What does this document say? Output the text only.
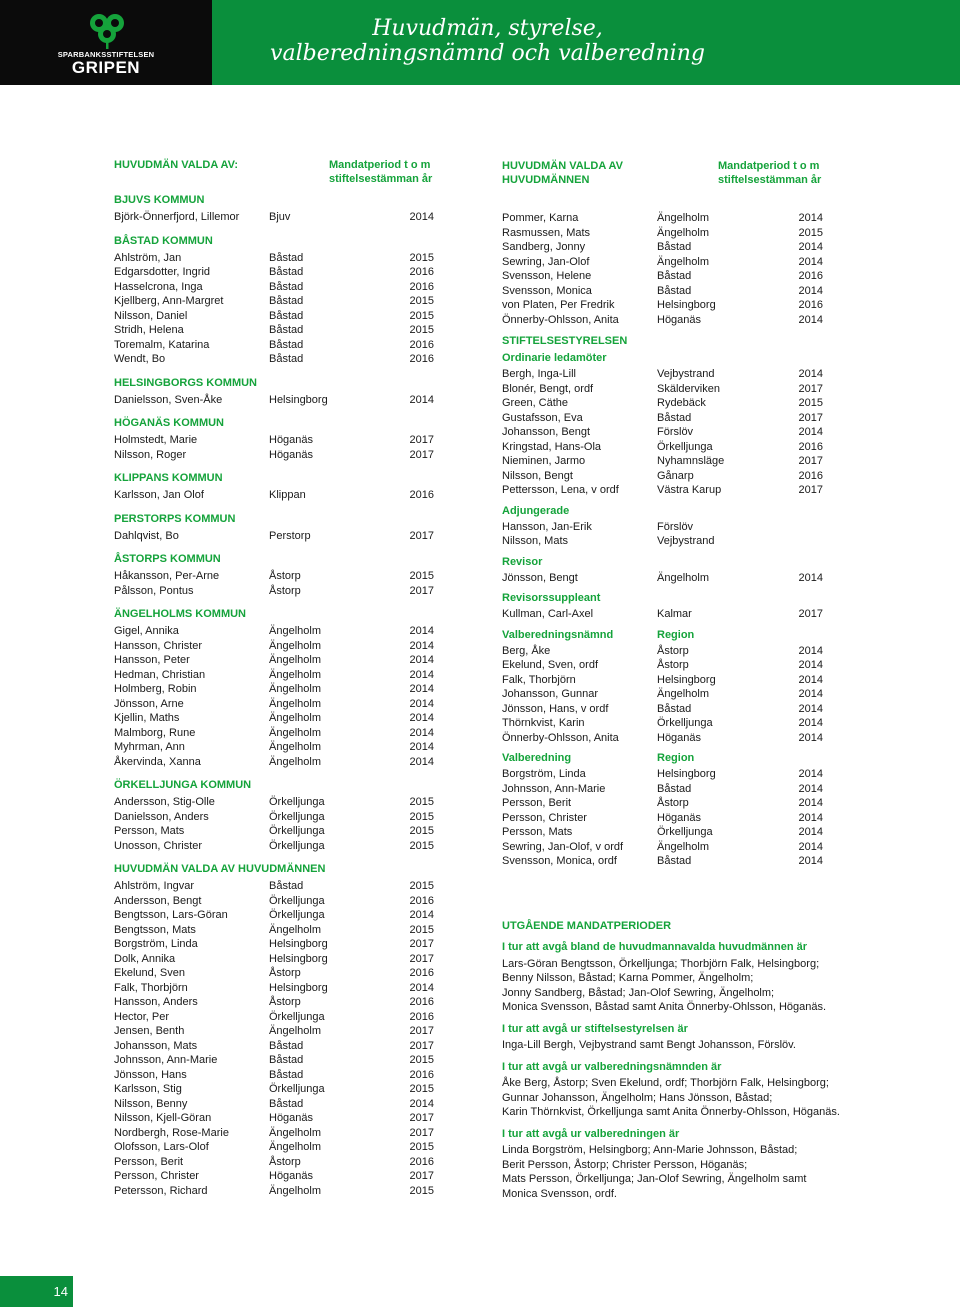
SPARBANKSSTIFTELSEN
GRIPEN
Huvudmän, styrelse,
valberedningsnämnd och valberedning
HUVUDMÄN VALDA AV:	Mandatperiod t o m
stiftelsestämman år
BJUVS KOMMUN
Björk-Önnerfjord, Lillemor	Bjuv	2014
BÅSTAD KOMMUN
Ahlström, Jan	Båstad	2015
Edgarsdotter, Ingrid	Båstad	2016
Hasselcrona, Inga	Båstad	2016
Kjellberg, Ann-Margret	Båstad	2015
Nilsson, Daniel	Båstad	2015
Stridh, Helena	Båstad	2015
Toremalm, Katarina	Båstad	2016
Wendt, Bo	Båstad	2016
HELSINGBORGS KOMMUN
Danielsson, Sven-Åke	Helsingborg	2014
HÖGANÄS KOMMUN
Holmstedt, Marie	Höganäs	2017
Nilsson, Roger	Höganäs	2017
KLIPPANS KOMMUN
Karlsson, Jan Olof	Klippan	2016
PERSTORPS KOMMUN
Dahlqvist, Bo	Perstorp	2017
ÅSTORPS KOMMUN
Håkansson, Per-Arne	Åstorp	2015
Pålsson, Pontus	Åstorp	2017
ÄNGELHOLMS KOMMUN
Gigel, Annika	Ängelholm	2014
Hansson, Christer	Ängelholm	2014
Hansson, Peter	Ängelholm	2014
Hedman, Christian	Ängelholm	2014
Holmberg, Robin	Ängelholm	2014
Jönsson, Arne	Ängelholm	2014
Kjellin, Maths	Ängelholm	2014
Malmborg, Rune	Ängelholm	2014
Myhrman, Ann	Ängelholm	2014
Åkervinda, Xanna	Ängelholm	2014
ÖRKELLJUNGA KOMMUN
Andersson, Stig-Olle	Örkelljunga	2015
Danielsson, Anders	Örkelljunga	2015
Persson, Mats	Örkelljunga	2015
Unosson, Christer	Örkelljunga	2015
HUVUDMÄN VALDA AV HUVUDMÄNNEN
Ahlström, Ingvar	Båstad	2015
Andersson, Bengt	Örkelljunga	2016
Bengtsson, Lars-Göran	Örkelljunga	2014
Bengtsson, Mats	Ängelholm	2015
Borgström, Linda	Helsingborg	2017
Dolk, Annika	Helsingborg	2017
Ekelund, Sven	Åstorp	2016
Falk, Thorbjörn	Helsingborg	2014
Hansson, Anders	Åstorp	2016
Hector, Per	Örkelljunga	2016
Jensen, Benth	Ängelholm	2017
Johansson, Mats	Båstad	2017
Johnsson, Ann-Marie	Båstad	2015
Jönsson, Hans	Båstad	2016
Karlsson, Stig	Örkelljunga	2015
Nilsson, Benny	Båstad	2014
Nilsson, Kjell-Göran	Höganäs	2017
Nordbergh, Rose-Marie	Ängelholm	2017
Olofsson, Lars-Olof	Ängelholm	2015
Persson, Berit	Åstorp	2016
Persson, Christer	Höganäs	2017
Petersson, Richard	Ängelholm	2015
HUVUDMÄN VALDA AV
HUVUDMÄNNEN
Mandatperiod t o m
stiftelsestämman år
Pommer, Karna	Ängelholm	2014
Rasmussen, Mats	Ängelholm	2015
Sandberg, Jonny	Båstad	2014
Sewring, Jan-Olof	Ängelholm	2014
Svensson, Helene	Båstad	2016
Svensson, Monica	Båstad	2014
von Platen, Per Fredrik	Helsingborg	2016
Önnerby-Ohlsson, Anita	Höganäs	2014
STIFTELSESTYRELSEN
Ordinarie ledamöter
Bergh, Inga-Lill	Vejbystrand	2014
Blonér, Bengt, ordf	Skälderviken	2017
Green, Cäthe	Rydebäck	2015
Gustafsson, Eva	Båstad	2017
Johansson, Bengt	Förslöv	2014
Kringstad, Hans-Ola	Örkelljunga	2016
Nieminen, Jarmo	Nyhamnsläge	2017
Nilsson, Bengt	Gånarp	2016
Pettersson, Lena, v ordf	Västra Karup	2017
Adjungerade
Hansson, Jan-Erik	Förslöv
Nilsson, Mats	Vejbystrand
Revisor
Jönsson, Bengt	Ängelholm	2014
Revisorssuppleant
Kullman, Carl-Axel	Kalmar	2017
Valberedningsnämnd	Region
Berg, Åke	Åstorp	2014
Ekelund, Sven, ordf	Åstorp	2014
Falk, Thorbjörn	Helsingborg	2014
Johansson, Gunnar	Ängelholm	2014
Jönsson, Hans, v ordf	Båstad	2014
Thörnkvist, Karin	Örkelljunga	2014
Önnerby-Ohlsson, Anita	Höganäs	2014
Valberedning	Region
Borgström, Linda	Helsingborg	2014
Johnsson, Ann-Marie	Båstad	2014
Persson, Berit	Åstorp	2014
Persson, Christer	Höganäs	2014
Persson, Mats	Örkelljunga	2014
Sewring, Jan-Olof, v ordf	Ängelholm	2014
Svensson, Monica, ordf	Båstad	2014
UTGÅENDE MANDATPERIODER
I tur att avgå bland de huvudmannavalda huvudmännen är
Lars-Göran Bengtsson, Örkelljunga; Thorbjörn Falk, Helsingborg;
Benny Nilsson, Båstad; Karna Pommer, Ängelholm;
Jonny Sandberg, Båstad; Jan-Olof Sewring, Ängelholm;
Monica Svensson, Båstad samt Anita Önnerby-Ohlsson, Höganäs.
I tur att avgå ur stiftelsestyrelsen är
Inga-Lill Bergh, Vejbystrand samt Bengt Johansson, Förslöv.
I tur att avgå ur valberedningsnämnden är
Åke Berg, Åstorp; Sven Ekelund, ordf; Thorbjörn Falk, Helsingborg;
Gunnar Johansson, Ängelholm; Hans Jönsson, Båstad;
Karin Thörnkvist, Örkelljunga samt Anita Önnerby-Ohlsson, Höganäs.
I tur att avgå ur valberedningen är
Linda Borgström, Helsingborg; Ann-Marie Johnsson, Båstad;
Berit Persson, Åstorp; Christer Persson, Höganäs;
Mats Persson, Örkelljunga; Jan-Olof Sewring, Ängelholm samt
Monica Svensson, ordf.
14
